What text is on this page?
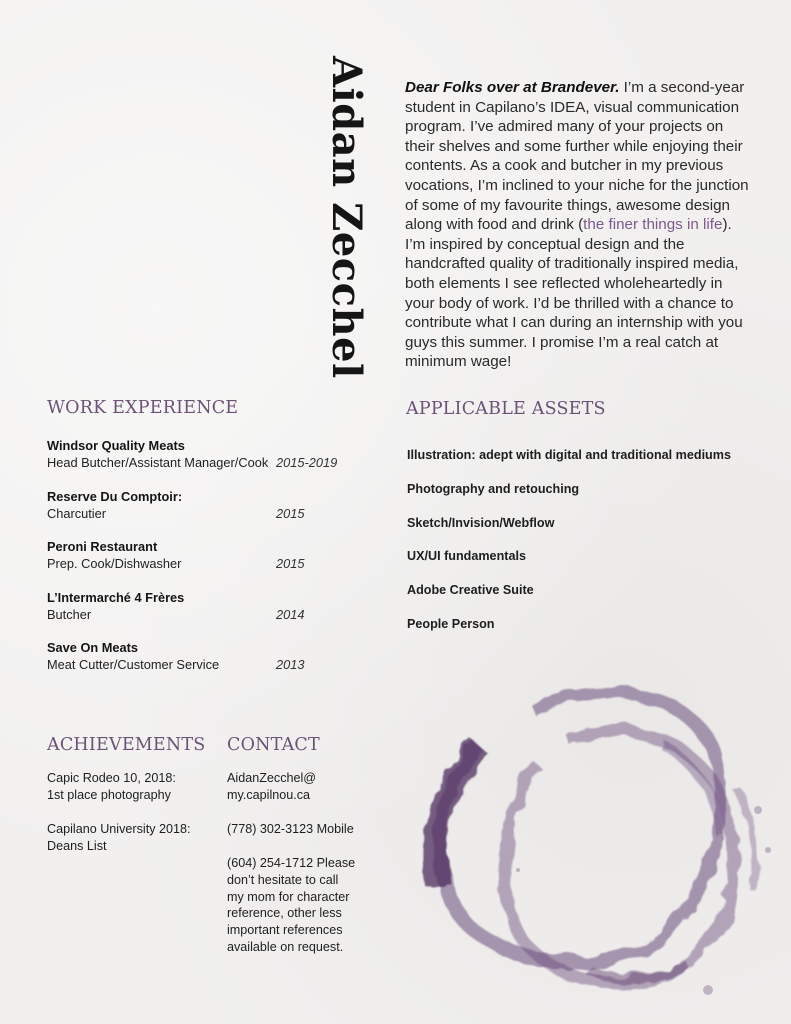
Aidan Zecchel Dear Folks over at Brandever. I’m a second-year student in Capilano’s IDEA, visual communication program. I’ve admired many of your projects on their shelves and some further while enjoying their contents. As a cook and butcher in my previous vocations, I’m inclined to your niche for the junction of some of my favourite things, awesome design along with food and drink (the finer things in life). I’m inspired by conceptual design and the handcrafted quality of traditionally inspired media, both elements I see reflected wholeheartedly in your body of work. I’d be thrilled with a chance to contribute what I can during an internship with you guys this summer. I promise I’m a real catch at minimum wage!
WORK EXPERIENCE
Windsor Quality Meats
Head Butcher/Assistant Manager/Cook 2015-2019
Reserve Du Comptoir:
Charcutier	2015
Peroni Restaurant
Prep. Cook/Dishwasher	2015
L’Intermarché 4 Frères
Butcher	2014
Save On Meats
Meat Cutter/Customer Service	2013
APPLICABLE ASSETS
Illustration: adept with digital and traditional mediums
Photography and retouching
Sketch/Invision/Webflow
UX/UI fundamentals
Adobe Creative Suite
People Person
ACHIEVEMENTS
Capic Rodeo 10, 2018:
1st place photography
Capilano University 2018:
Deans List
CONTACT
AidanZecchel@
my.capilnou.ca
(778) 302-3123 Mobile
(604) 254-1712 Please
don’t hesitate to call
my mom for character
reference, other less
important references
available on request.
